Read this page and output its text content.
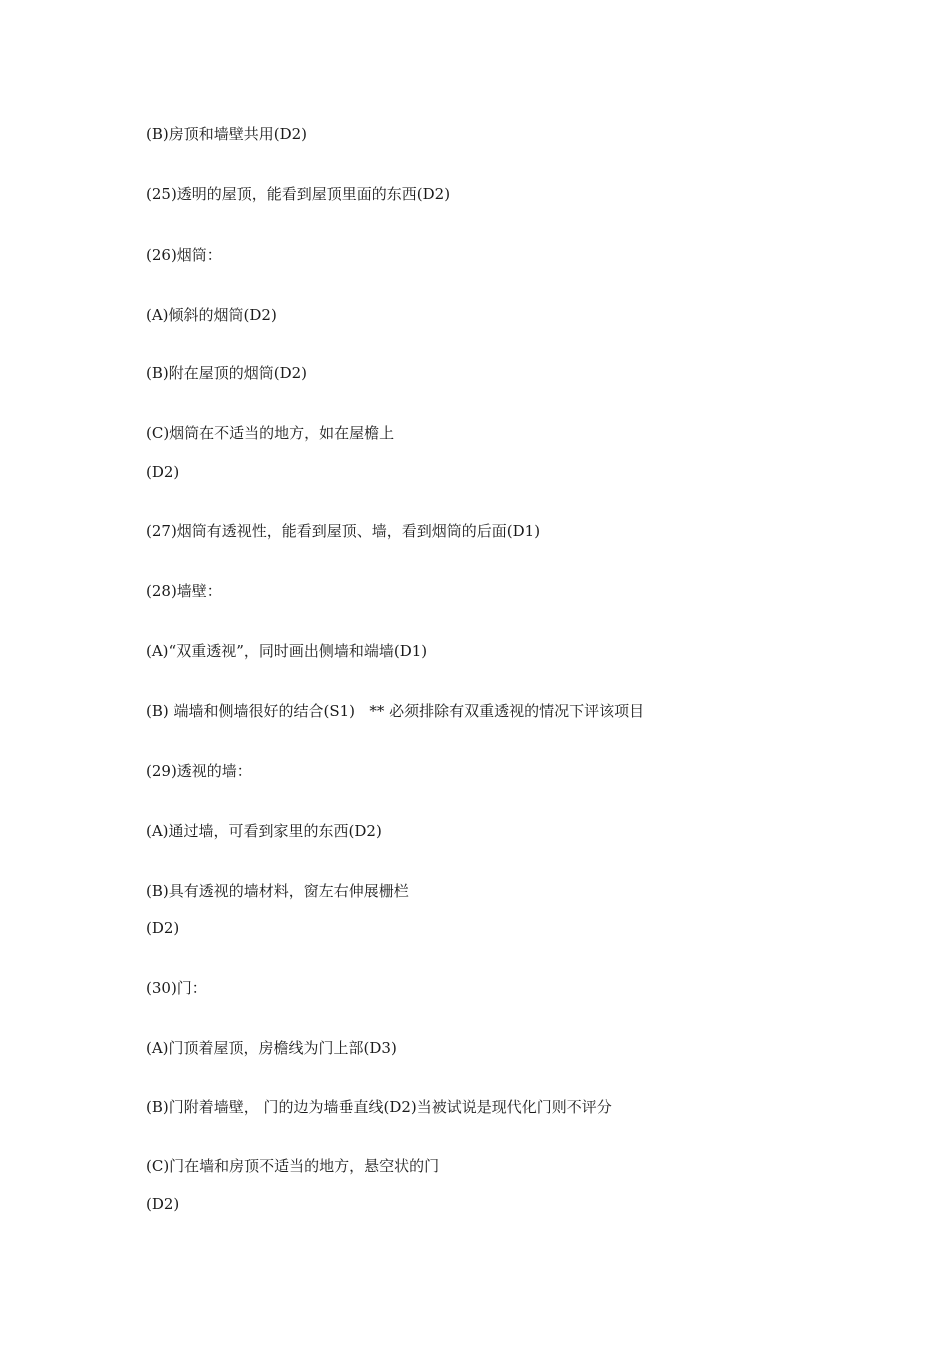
(B)房顶和墙壁共用(D2)
(25)透明的屋顶，能看到屋顶里面的东西(D2)
(26)烟筒：
(A)倾斜的烟筒(D2)
(B)附在屋顶的烟筒(D2)
(C)烟筒在不适当的地方，如在屋檐上
(D2)
(27)烟筒有透视性，能看到屋顶、墙，看到烟筒的后面(D1)
(28)墙壁：
(A)“双重透视”，同时画出侧墙和端墙(D1)
(B) 端墙和侧墙很好的结合(S1)   ** 必须排除有双重透视的情况下评该项目
(29)透视的墙：
(A)通过墙，可看到家里的东西(D2)
(B)具有透视的墙材料，窗左右伸展栅栏
(D2)
(30)门：
(A)门顶着屋顶，房檐线为门上部(D3)
(B)门附着墙壁， 门的边为墙垂直线(D2)当被试说是现代化门则不评分
(C)门在墙和房顶不适当的地方，悬空状的门
(D2)
